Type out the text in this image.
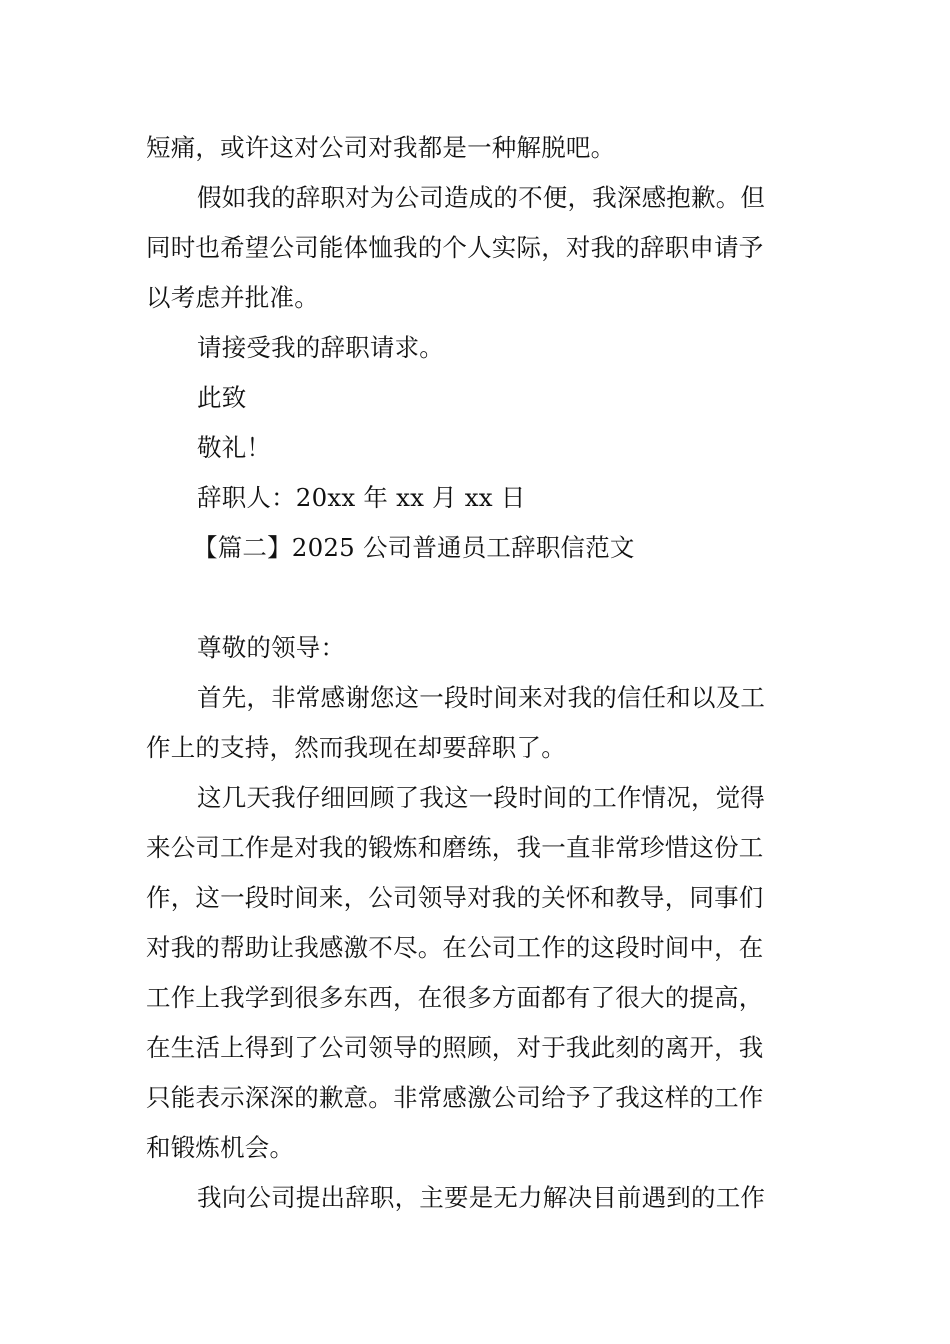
短痛，或许这对公司对我都是一种解脱吧。
假如我的辞职对为公司造成的不便，我深感抱歉。但
同时也希望公司能体恤我的个人实际，对我的辞职申请予
以考虑并批准。
请接受我的辞职请求。
此致
敬礼！
辞职人：20xx 年 xx 月 xx 日
【篇二】2025 公司普通员工辞职信范文
尊敬的领导：
首先，非常感谢您这一段时间来对我的信任和以及工
作上的支持，然而我现在却要辞职了。
这几天我仔细回顾了我这一段时间的工作情况，觉得
来公司工作是对我的锻炼和磨练，我一直非常珍惜这份工
作，这一段时间来，公司领导对我的关怀和教导，同事们
对我的帮助让我感激不尽。在公司工作的这段时间中，在
工作上我学到很多东西，在很多方面都有了很大的提高，
在生活上得到了公司领导的照顾，对于我此刻的离开，我
只能表示深深的歉意。非常感激公司给予了我这样的工作
和锻炼机会。
我向公司提出辞职，主要是无力解决目前遇到的工作
